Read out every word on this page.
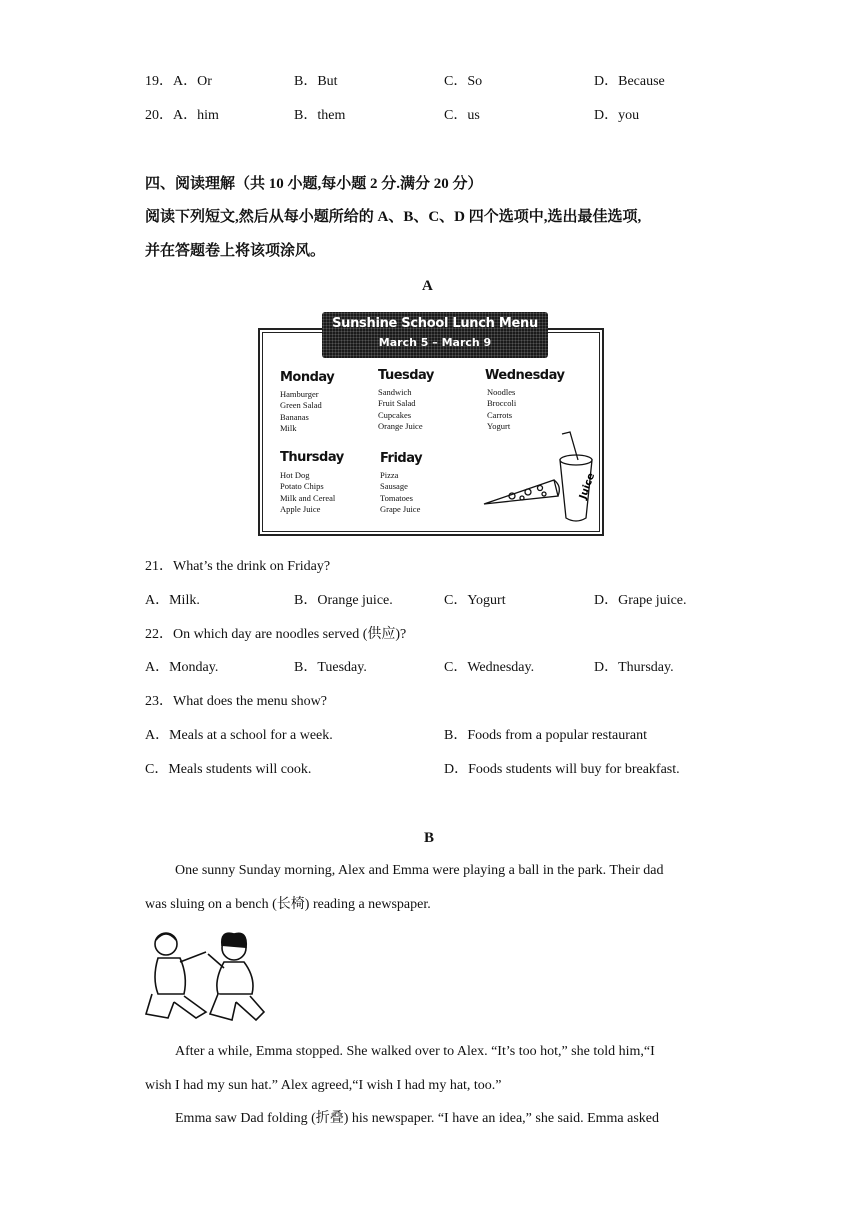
19．A．Or	B．But	C．So	D．Because
20．A．him	B．them	C．us	D．you
四、阅读理解（共 10 小题,每小题 2 分.满分 20 分）
阅读下列短文,然后从每小题所给的 A、B、C、D 四个选项中,选出最佳选项,
并在答题卷上将该项涂风。
A
Sunshine School Lunch Menu
March 5 – March 9
Monday
Hamburger
Green Salad
Bananas
Milk
Tuesday
Sandwich
Fruit Salad
Cupcakes
Orange Juice
Wednesday
Noodles
Broccoli
Carrots
Yogurt
Thursday
Hot Dog
Potato Chips
Milk and Cereal
Apple Juice
Friday
Pizza
Sausage
Tomatoes
Grape Juice
Juice
21．What’s the drink on Friday?
A．Milk.	B．Orange juice.	C．Yogurt	D．Grape juice.
22．On which day are noodles served (供应)?
A．Monday.	B．Tuesday.	C．Wednesday.	D．Thursday.
23．What does the menu show?
A．Meals at a school for a week.	B．Foods from a popular restaurant
C．Meals students will cook.	D．Foods students will buy for breakfast.
B
One sunny Sunday morning, Alex and Emma were playing a ball in the park. Their dad
was sluing on a bench (长椅) reading a newspaper.
After a while, Emma stopped. She walked over to Alex. “It’s too hot,” she told him,“I
wish I had my sun hat.” Alex agreed,“I wish I had my hat, too.”
Emma saw Dad folding (折叠) his newspaper. “I have an idea,” she said. Emma asked
